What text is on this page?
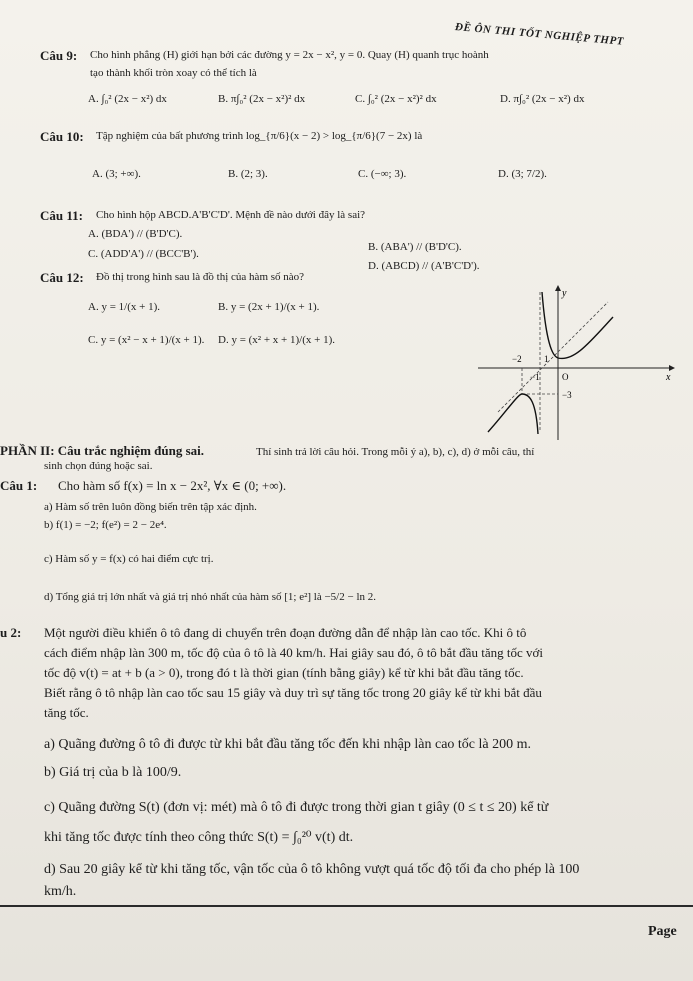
ĐỀ ÔN THI TỐT NGHIỆP THPT
Câu 9: Cho hình phẳng (H) giới hạn bởi các đường y = 2x − x², y = 0. Quay (H) quanh trục hoành
tạo thành khối tròn xoay có thể tích là
A. ∫₀² (2x − x²) dx	B. π∫₀² (2x − x²)² dx	C. ∫₀² (2x − x²)² dx	D. π∫₀² (2x − x²) dx
Câu 10: Tập nghiệm của bất phương trình log_{π/6}(x − 2) > log_{π/6}(7 − 2x) là
A. (3; +∞).	B. (2; 3).	C. (−∞; 3).	D. (3; 7/2).
Câu 11: Cho hình hộp ABCD.A'B'C'D'. Mệnh đề nào dưới đây là sai?
A. (BDA') // (B'D'C).
C. (ADD'A') // (BCC'B').
B. (ABA') // (B'D'C).
D. (ABCD) // (A'B'C'D').
Câu 12: Đồ thị trong hình sau là đồ thị của hàm số nào?
A. y = 1/(x + 1).	B. y = (2x + 1)/(x + 1).
C. y = (x² − x + 1)/(x + 1). D. y = (x² + x + 1)/(x + 1).
y
x
O
−2 1
−1
−3
PHẦN II: Câu trắc nghiệm đúng sai.	Thí sinh trả lời câu hỏi. Trong mỗi ý a), b), c), d) ở mỗi câu, thí
sinh chọn đúng hoặc sai.
Câu 1: Cho hàm số f(x) = ln x − 2x², ∀x ∈ (0; +∞).
a) Hàm số trên luôn đồng biến trên tập xác định.
b) f(1) = −2; f(e²) = 2 − 2e⁴.
c) Hàm số y = f(x) có hai điểm cực trị.
d) Tổng giá trị lớn nhất và giá trị nhỏ nhất của hàm số [1; e²] là −5/2 − ln 2.
u 2: Một người điều khiển ô tô đang di chuyển trên đoạn đường dẫn để nhập làn cao tốc. Khi ô tô
cách điểm nhập làn 300 m, tốc độ của ô tô là 40 km/h. Hai giây sau đó, ô tô bắt đầu tăng tốc với
tốc độ v(t) = at + b (a > 0), trong đó t là thời gian (tính bằng giây) kể từ khi bắt đầu tăng tốc.
Biết rằng ô tô nhập làn cao tốc sau 15 giây và duy trì sự tăng tốc trong 20 giây kể từ khi bắt đầu
tăng tốc.
a) Quãng đường ô tô đi được từ khi bắt đầu tăng tốc đến khi nhập làn cao tốc là 200 m.
b) Giá trị của b là 100/9.
c) Quãng đường S(t) (đơn vị: mét) mà ô tô đi được trong thời gian t giây (0 ≤ t ≤ 20) kể từ
khi tăng tốc được tính theo công thức S(t) = ∫₀²⁰ v(t) dt.
d) Sau 20 giây kể từ khi tăng tốc, vận tốc của ô tô không vượt quá tốc độ tối đa cho phép là 100
km/h.
Page
